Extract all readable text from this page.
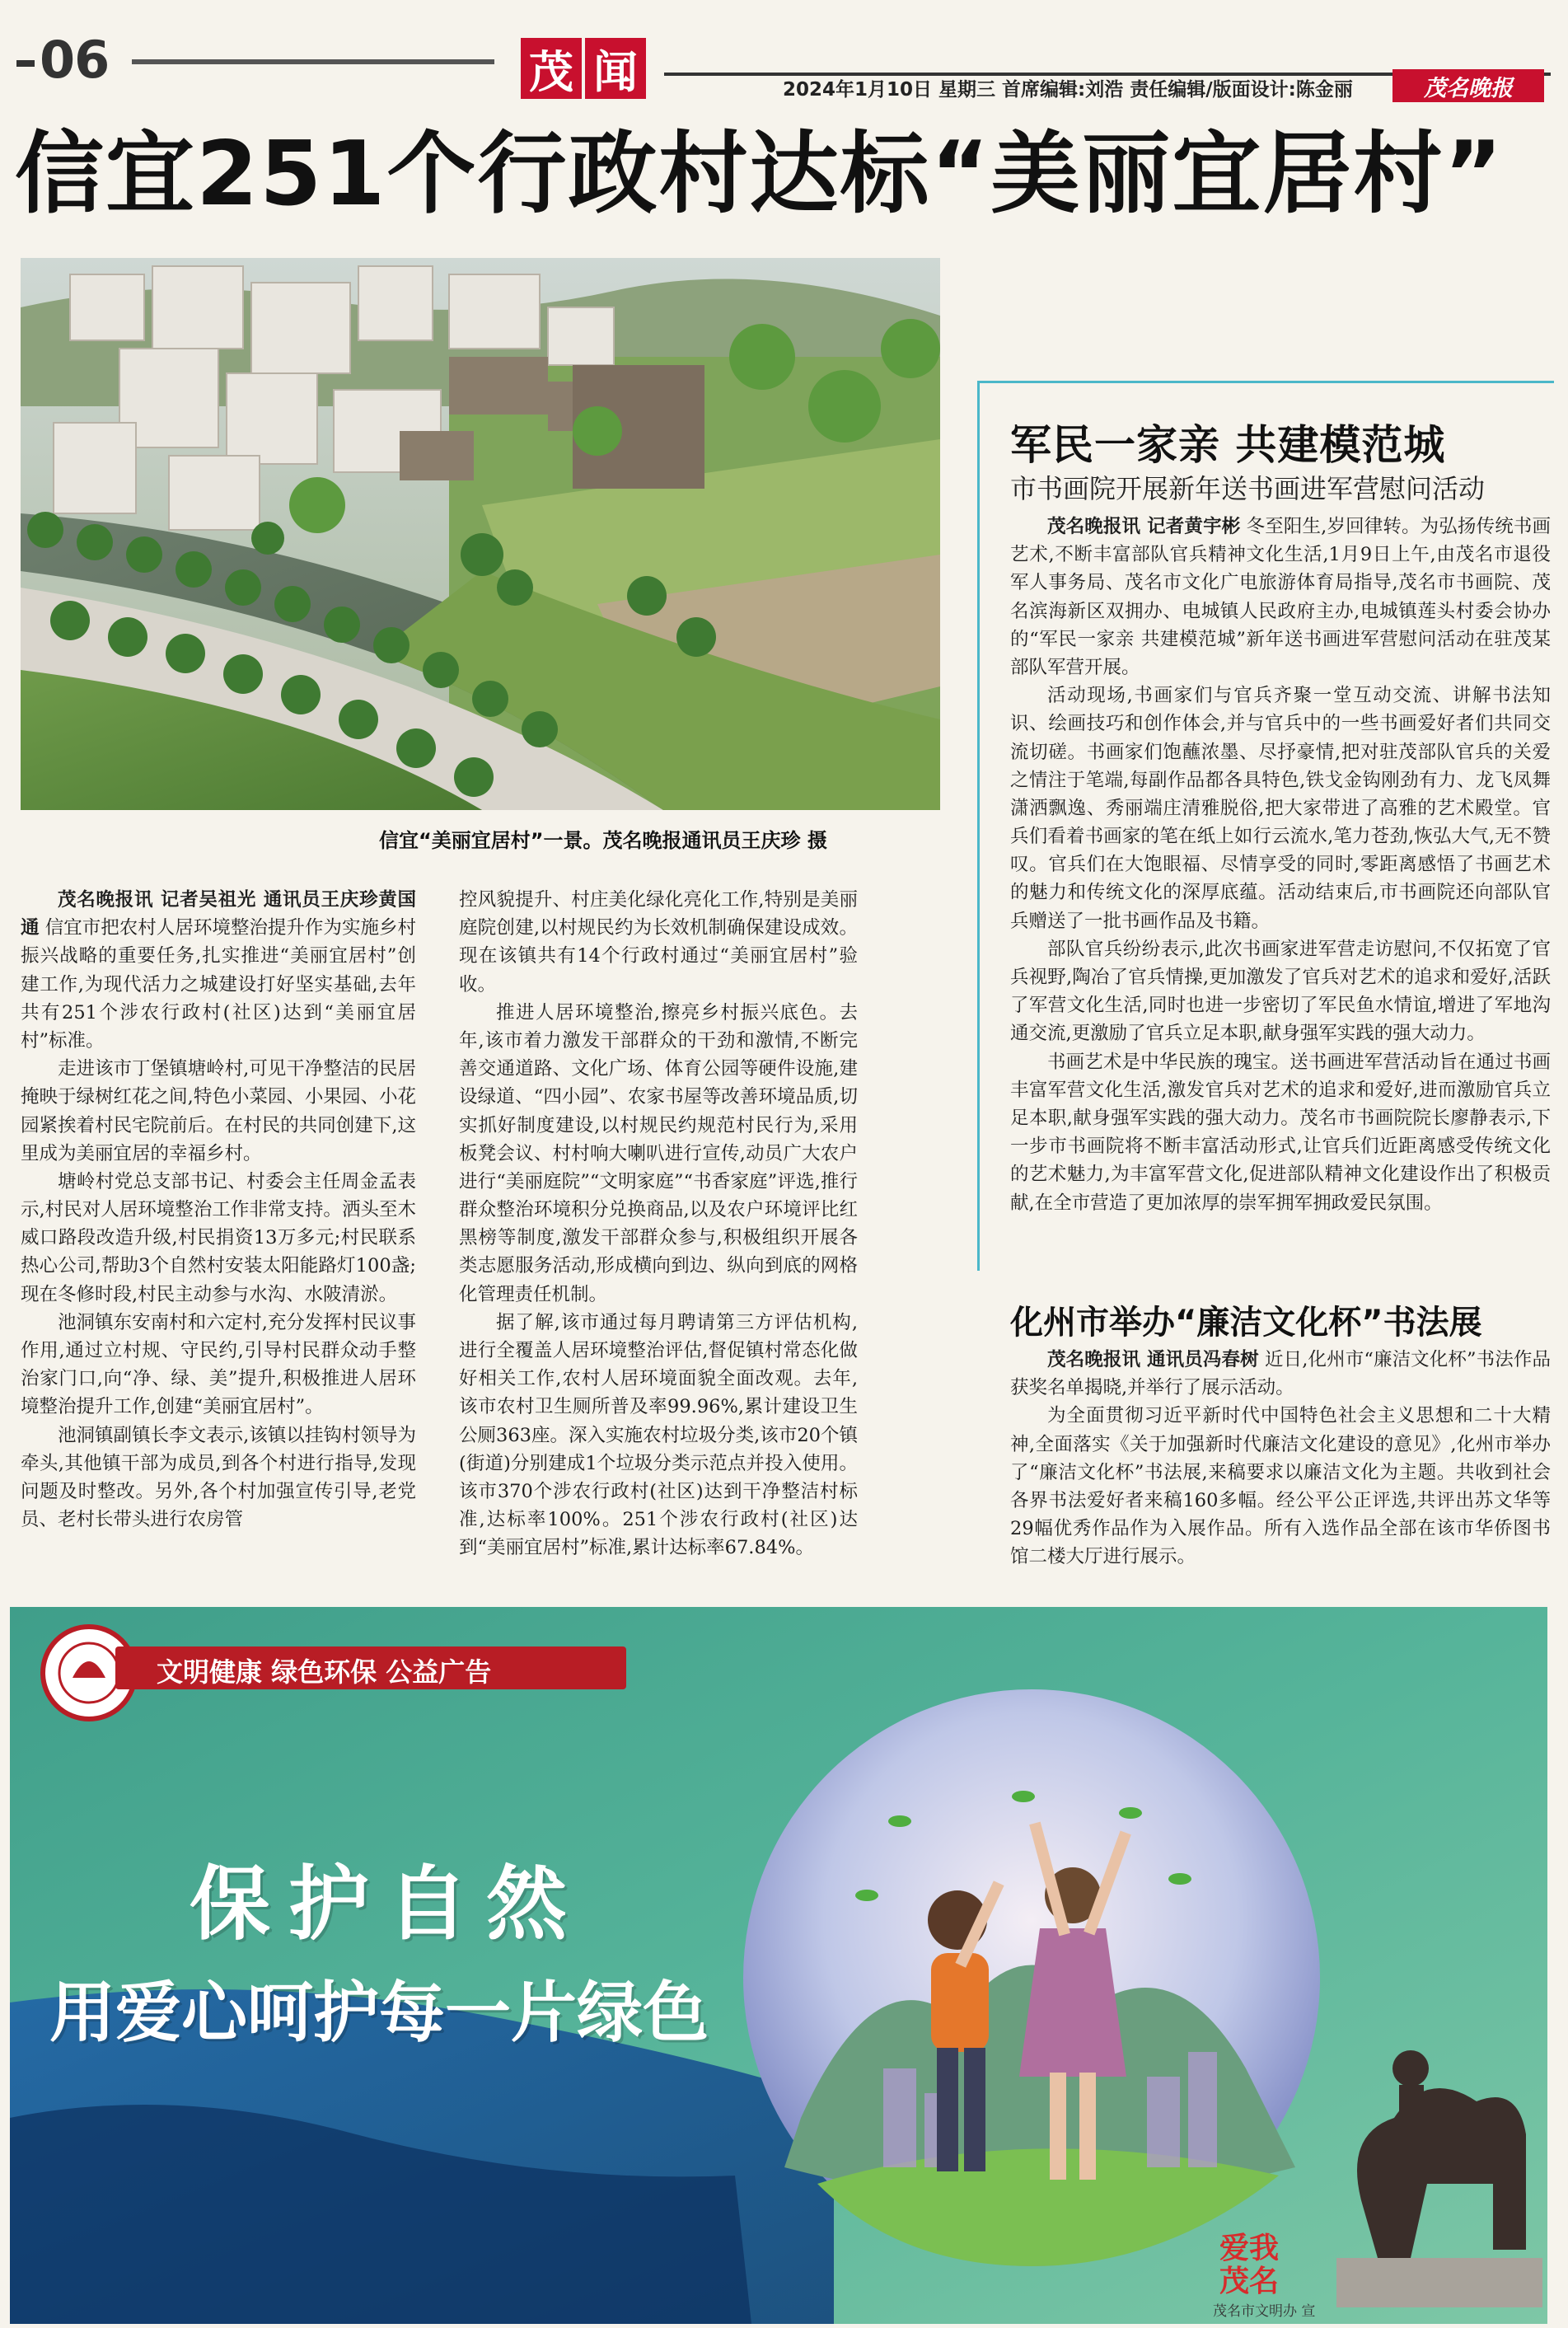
06	茂 闻	2024年1月10日 星期三 首席编辑:刘浩 责任编辑/版面设计:陈金丽	茂名晚报
信宜251个行政村达标“美丽宜居村”
信宜“美丽宜居村”一景。茂名晚报通讯员王庆珍 摄

茂名晚报讯 记者吴祖光 通讯员王庆珍黄国通 信宜市把农村人居环境整治提升作为实施乡村振兴战略的重要任务,扎实推进“美丽宜居村”创建工作,为现代活力之城建设打好坚实基础,去年共有251个涉农行政村(社区)达到“美丽宜居村”标准。

走进该市丁堡镇塘岭村,可见干净整洁的民居掩映于绿树红花之间,特色小菜园、小果园、小花园紧挨着村民宅院前后。在村民的共同创建下,这里成为美丽宜居的幸福乡村。

塘岭村党总支部书记、村委会主任周金孟表示,村民对人居环境整治工作非常支持。洒头至木威口路段改造升级,村民捐资13万多元;村民联系热心公司,帮助3个自然村安装太阳能路灯100盏;现在冬修时段,村民主动参与水沟、水陂清淤。

池洞镇东安南村和六定村,充分发挥村民议事作用,通过立村规、守民约,引导村民群众动手整治家门口,向“净、绿、美”提升,积极推进人居环境整治提升工作,创建“美丽宜居村”。

池洞镇副镇长李文表示,该镇以挂钩村领导为牵头,其他镇干部为成员,到各个村进行指导,发现问题及时整改。另外,各个村加强宣传引导,老党员、老村长带头进行农房管

控风貌提升、村庄美化绿化亮化工作,特别是美丽庭院创建,以村规民约为长效机制确保建设成效。现在该镇共有14个行政村通过“美丽宜居村”验收。

推进人居环境整治,擦亮乡村振兴底色。去年,该市着力激发干部群众的干劲和激情,不断完善交通道路、文化广场、体育公园等硬件设施,建设绿道、“四小园”、农家书屋等改善环境品质,切实抓好制度建设,以村规民约规范村民行为,采用板凳会议、村村响大喇叭进行宣传,动员广大农户进行“美丽庭院”“文明家庭”“书香家庭”评选,推行群众整治环境积分兑换商品,以及农户环境评比红黑榜等制度,激发干部群众参与,积极组织开展各类志愿服务活动,形成横向到边、纵向到底的网格化管理责任机制。

据了解,该市通过每月聘请第三方评估机构,进行全覆盖人居环境整治评估,督促镇村常态化做好相关工作,农村人居环境面貌全面改观。去年,该市农村卫生厕所普及率99.96%,累计建设卫生公厕363座。深入实施农村垃圾分类,该市20个镇(街道)分别建成1个垃圾分类示范点并投入使用。该市370个涉农行政村(社区)达到干净整洁村标准,达标率100%。251个涉农行政村(社区)达到“美丽宜居村”标准,累计达标率67.84%。

军民一家亲 共建模范城
市书画院开展新年送书画进军营慰问活动

茂名晚报讯 记者黄宇彬 冬至阳生,岁回律转。为弘扬传统书画艺术,不断丰富部队官兵精神文化生活,1月9日上午,由茂名市退役军人事务局、茂名市文化广电旅游体育局指导,茂名市书画院、茂名滨海新区双拥办、电城镇人民政府主办,电城镇莲头村委会协办的“军民一家亲 共建模范城”新年送书画进军营慰问活动在驻茂某部队军营开展。

活动现场,书画家们与官兵齐聚一堂互动交流、讲解书法知识、绘画技巧和创作体会,并与官兵中的一些书画爱好者们共同交流切磋。书画家们饱蘸浓墨、尽抒豪情,把对驻茂部队官兵的关爱之情注于笔端,每副作品都各具特色,铁戈金钩刚劲有力、龙飞凤舞潇洒飘逸、秀丽端庄清雅脱俗,把大家带进了高雅的艺术殿堂。官兵们看着书画家的笔在纸上如行云流水,笔力苍劲,恢弘大气,无不赞叹。官兵们在大饱眼福、尽情享受的同时,零距离感悟了书画艺术的魅力和传统文化的深厚底蕴。活动结束后,市书画院还向部队官兵赠送了一批书画作品及书籍。

部队官兵纷纷表示,此次书画家进军营走访慰问,不仅拓宽了官兵视野,陶冶了官兵情操,更加激发了官兵对艺术的追求和爱好,活跃了军营文化生活,同时也进一步密切了军民鱼水情谊,增进了军地沟通交流,更激励了官兵立足本职,献身强军实践的强大动力。

书画艺术是中华民族的瑰宝。送书画进军营活动旨在通过书画丰富军营文化生活,激发官兵对艺术的追求和爱好,进而激励官兵立足本职,献身强军实践的强大动力。茂名市书画院院长廖静表示,下一步市书画院将不断丰富活动形式,让官兵们近距离感受传统文化的艺术魅力,为丰富军营文化,促进部队精神文化建设作出了积极贡献,在全市营造了更加浓厚的崇军拥军拥政爱民氛围。

化州市举办“廉洁文化杯”书法展

茂名晚报讯 通讯员冯春树 近日,化州市“廉洁文化杯”书法作品获奖名单揭晓,并举行了展示活动。

为全面贯彻习近平新时代中国特色社会主义思想和二十大精神,全面落实《关于加强新时代廉洁文化建设的意见》,化州市举办了“廉洁文化杯”书法展,来稿要求以廉洁文化为主题。共收到社会各界书法爱好者来稿160多幅。经公平公正评选,共评出苏文华等29幅优秀作品作为入展作品。所有入选作品全部在该市华侨图书馆二楼大厅进行展示。

文明健康 绿色环保 公益广告
保护自然
用爱心呵护每一片绿色
爱我
茂名
茂名市文明办 宣
